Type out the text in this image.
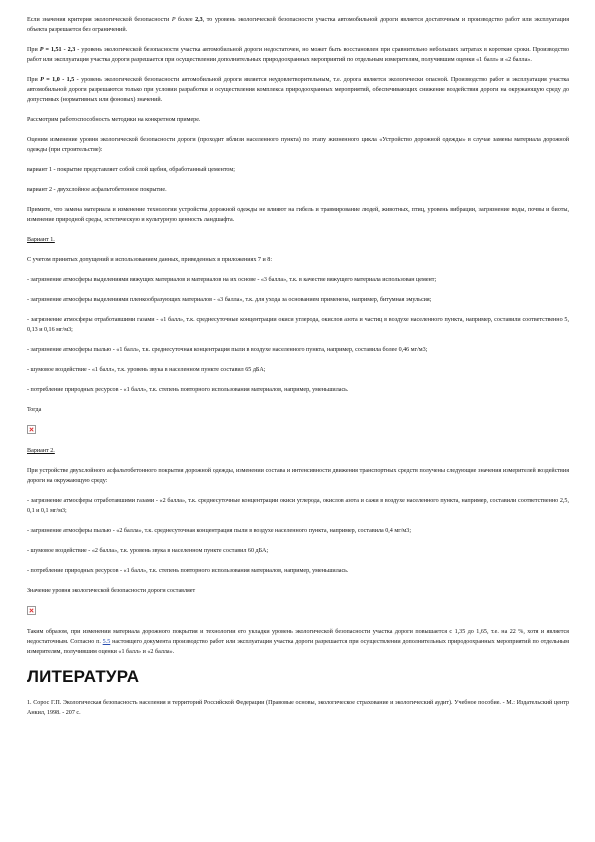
Если значения критерия экологической безопасности Р более 2,3, то уровень экологической безопасности участка автомобильной дороги является достаточным и производство работ или эксплуатация объекта разрешается без ограничений.

При Р = 1,51 - 2,3 - уровень экологической безопасности участка автомобильной дороги недостаточен, но может быть восстановлен при сравнительно небольших затратах в короткие сроки. Производство работ или эксплуатация участка дороги разрешается при осуществлении дополнительных природоохранных мероприятий по отдельным измерителям, получившим оценки «1 балл» и «2 балла».

При Р = 1,0 - 1,5 - уровень экологической безопасности автомобильной дороги является неудовлетворительным, т.е. дорога является экологически опасной. Производство работ и эксплуатация участка автомобильной дороги разрешаются только при условии разработки и осуществления комплекса природоохранных мероприятий, обеспечивающих снижение воздействия дороги на окружающую среду до допустимых (нормативных или фоновых) значений.

Рассмотрим работоспособность методики на конкретном примере.

Оценим изменение уровня экологической безопасности дороги (проходит вблизи населенного пункта) по этапу жизненного цикла «Устройство дорожной одежды» в случае замены материала дорожной одежды (при строительстве):

вариант 1 - покрытие представляет собой слой щебня, обработанный цементом;

вариант 2 - двухслойное асфальтобетонное покрытие.

Примите, что замена материала и изменение технологии устройства дорожной одежды не влияют на гибель и травмирование людей, животных, птиц, уровень вибрации, загрязнение воды, почвы и биоты, изменение природной среды, эстетическую и культурную ценность ландшафта.

Вариант 1.

С учетом принятых допущений и использованием данных, приведенных в приложениях 7 и 8:

- загрязнение атмосферы выделениями вяжущих материалов и материалов на их основе - «3 балла», т.к. в качестве вяжущего материала использован цемент;

- загрязнение атмосферы выделениями пленкообразующих материалов - «3 балла», т.к. для ухода за основанием применена, например, битумная эмульсия;

- загрязнение атмосферы отработавшими газами - «1 балл», т.к. среднесуточные концентрации окиси углерода, окислов азота и частиц в воздухе населенного пункта, например, составили соответственно 5, 0,13 и 0,16 мг/м3;

- загрязнение атмосферы пылью - «1 балл», т.к. среднесуточная концентрация пыли в воздухе населенного пункта, например, составила более 0,46 мг/м3;

- шумовое воздействие - «1 балл», т.к. уровень звука в населенном пункте составил 65 дБА;

- потребление природных ресурсов - «1 балл», т.к. степень повторного использования материалов, например, уменьшилась.

Тогда

Вариант 2.

При устройстве двухслойного асфальтобетонного покрытия дорожной одежды, изменении состава и интенсивности движения транспортных средств получены следующие значения измерителей воздействия дороги на окружающую среду:

- загрязнение атмосферы отработавшими газами - «2 балла», т.к. среднесуточные концентрации окиси углерода, окислов азота и сажи в воздухе населенного пункта, например, составили соответственно 2,5, 0,1 и 0,1 мг/м3;

- загрязнение атмосферы пылью - «2 балла», т.к. среднесуточная концентрация пыли в воздухе населенного пункта, например, составила 0,4 мг/м3;

- шумовое воздействие - «2 балла», т.к. уровень звука в населенном пункте составил 60 дБА;

- потребление природных ресурсов - «1 балл», т.к. степень повторного использования материалов, например, уменьшилась.

Значение уровня экологической безопасности дороги составляет

Таким образом, при изменении материала дорожного покрытия и технологии его укладки уровень экологической безопасности участка дороги повышается с 1,35 до 1,65, т.е. на 22 %, хотя и является недостаточным. Согласно п. 5.5 настоящего документа производство работ или эксплуатация участка дороги разрешается при осуществлении дополнительных природоохранных мероприятий по отдельным измерителям, получившим оценки «1 балл» и «2 балла».

ЛИТЕРАТУРА

1. Сорос Г.П. Экологическая безопасность населения и территорий Российской Федерации (Правовые основы, экологическое страхование и экологический аудит). Учебное пособие. - М.: Издательский центр Анкил, 1998. - 207 с.
